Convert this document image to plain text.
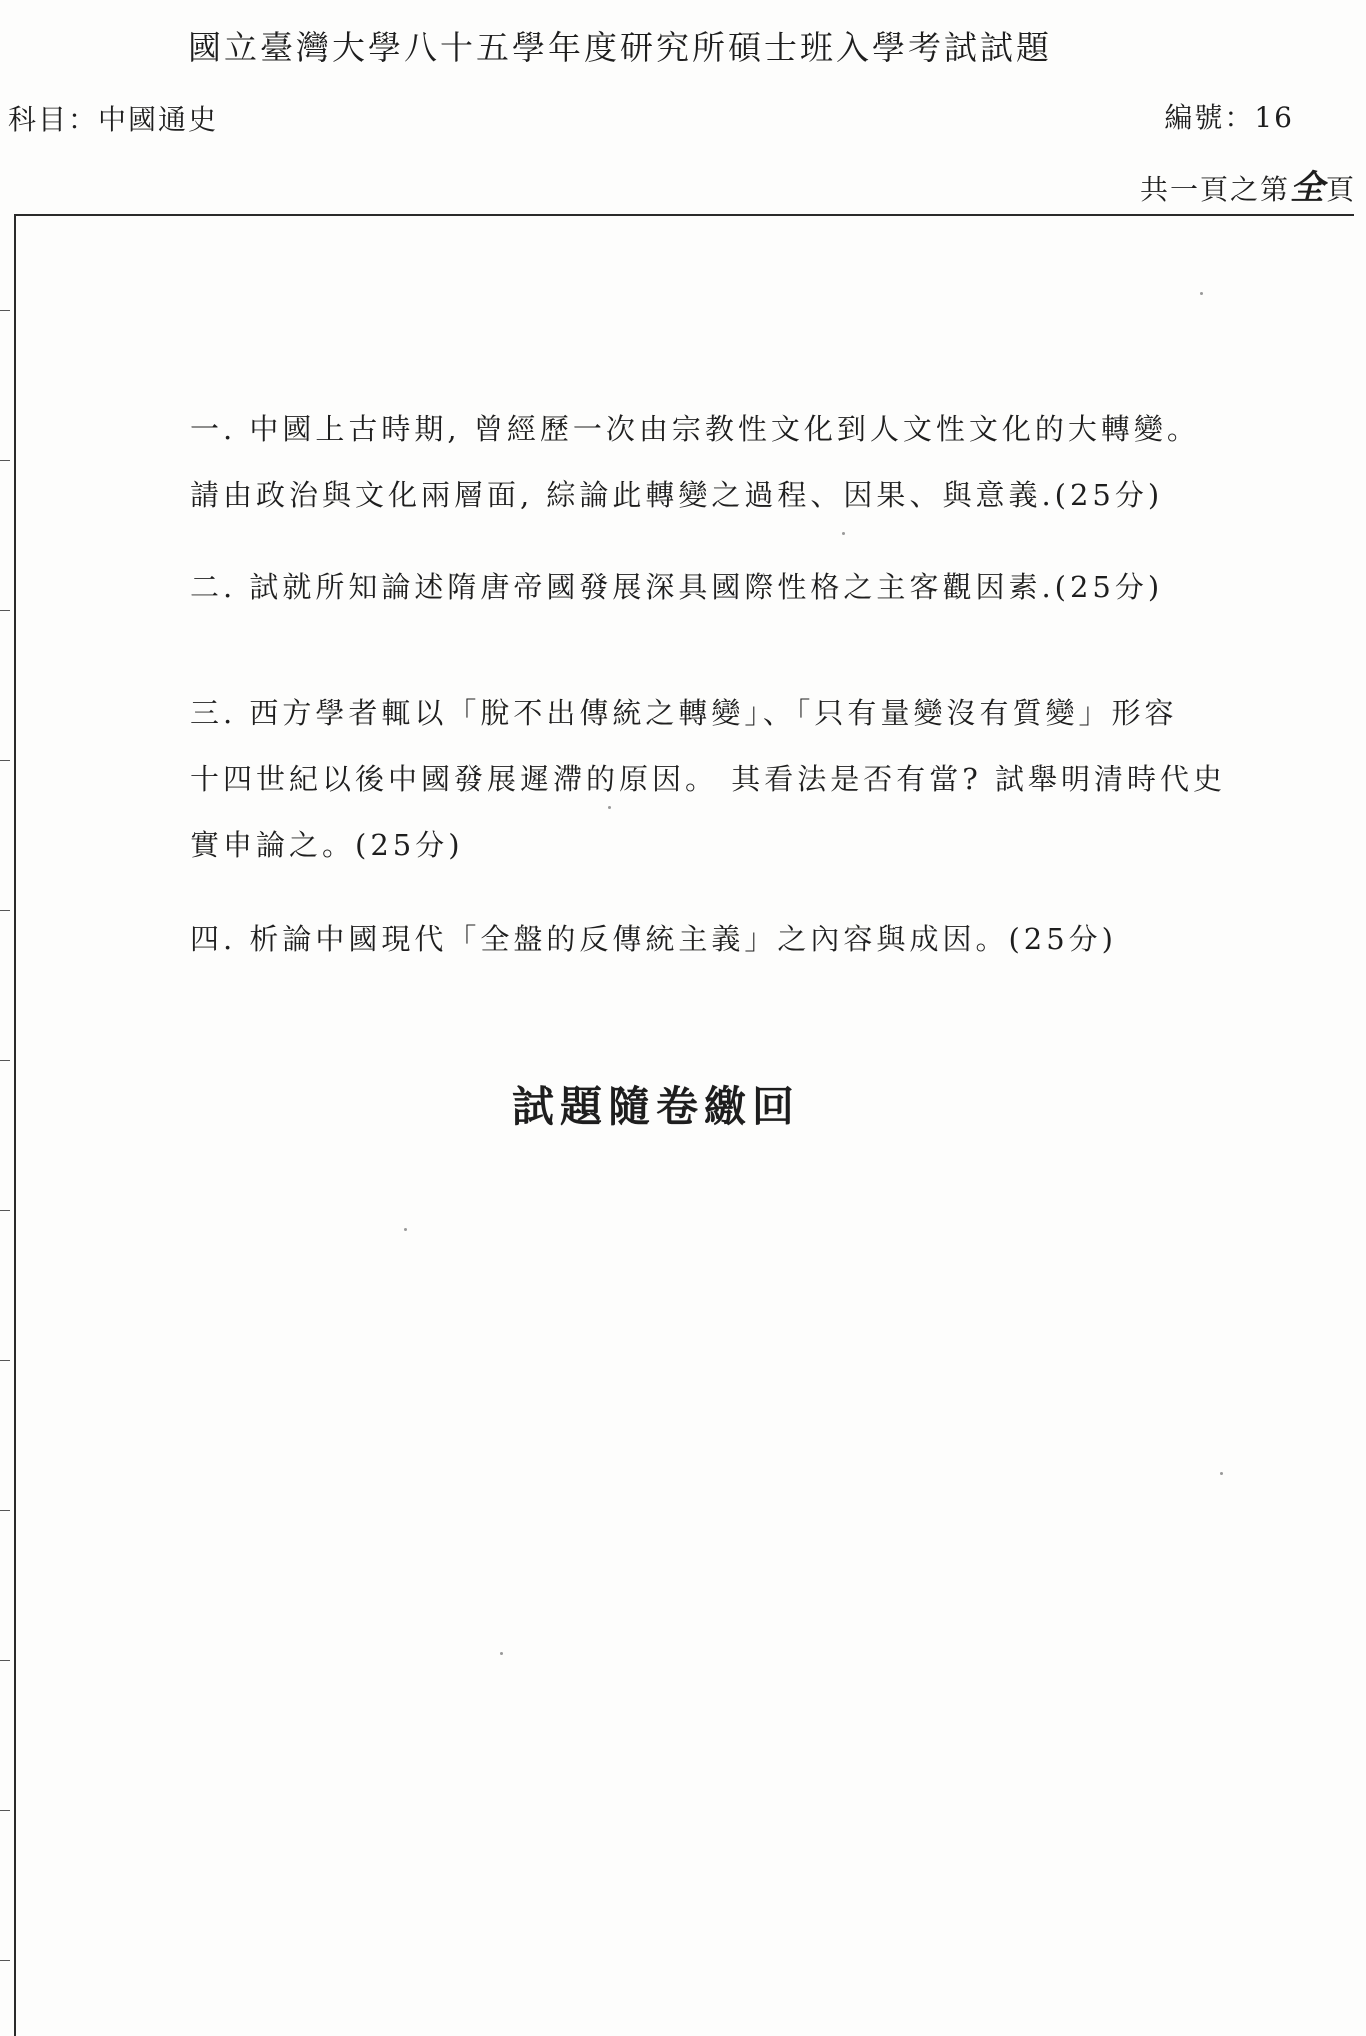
國立臺灣大學八十五學年度研究所碩士班入學考試試題
科目：中國通史	編號：16
共一頁之第全頁
一. 中國上古時期, 曾經歷一次由宗教性文化到人文性文化的大轉變。
請由政治與文化兩層面, 綜論此轉變之過程、因果、與意義.(25分)
二. 試就所知論述隋唐帝國發展深具國際性格之主客觀因素.(25分)
三. 西方學者輒以「脫不出傳統之轉變」、「只有量變沒有質變」形容
十四世紀以後中國發展遲滯的原因。 其看法是否有當? 試舉明清時代史
實申論之。(25分)
四. 析論中國現代「全盤的反傳統主義」之內容與成因。(25分)
試題隨卷繳回
